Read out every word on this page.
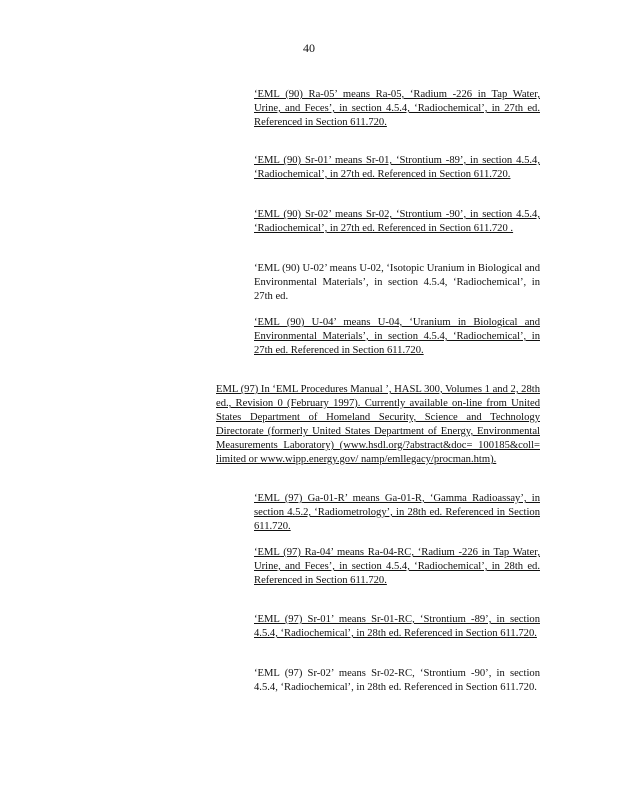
40

‘EML (90) Ra-05’ means Ra-05, ‘Radium -226 in Tap Water, Urine, and Feces’, in section 4.5.4, ‘Radiochemical’, in 27th ed. Referenced in Section 611.720.

‘EML (90) Sr-01’ means Sr-01, ‘Strontium -89’, in section 4.5.4, ‘Radiochemical’, in 27th ed. Referenced in Section 611.720.

‘EML (90) Sr-02’ means Sr-02, ‘Strontium -90’, in section 4.5.4, ‘Radiochemical’, in 27th ed. Referenced in Section 611.720 .

‘EML (90) U-02’ means U-02, ‘Isotopic Uranium in Biological and Environmental Materials’, in section 4.5.4, ‘Radiochemical’, in 27th ed.

‘EML (90) U-04’ means U-04, ‘Uranium in Biological and Environmental Materials’, in section 4.5.4, ‘Radiochemical’, in 27th ed. Referenced in Section 611.720.

EML (97) In ‘EML Procedures Manual ’, HASL 300, Volumes 1 and 2, 28th ed., Revision 0 (February 1997). Currently available on-line from United States Department of Homeland Security, Science and Technology Directorate (formerly United States Department of Energy, Environmental Measurements Laboratory) (www.hsdl.org/?abstract&doc= 100185&coll= limited or www.wipp.energy.gov/ namp/emllegacy/procman.htm).

‘EML (97) Ga-01-R’ means Ga-01-R, ‘Gamma Radioassay’, in section 4.5.2, ‘Radiometrology’, in 28th ed. Referenced in Section 611.720.

‘EML (97) Ra-04’ means Ra-04-RC, ‘Radium -226 in Tap Water, Urine, and Feces’, in section 4.5.4, ‘Radiochemical’, in 28th ed. Referenced in Section 611.720.

‘EML (97) Sr-01’ means Sr-01-RC, ‘Strontium -89’, in section 4.5.4, ‘Radiochemical’, in 28th ed. Referenced in Section 611.720.

‘EML (97) Sr-02’ means Sr-02-RC, ‘Strontium -90’, in section 4.5.4, ‘Radiochemical’, in 28th ed. Referenced in Section 611.720.
